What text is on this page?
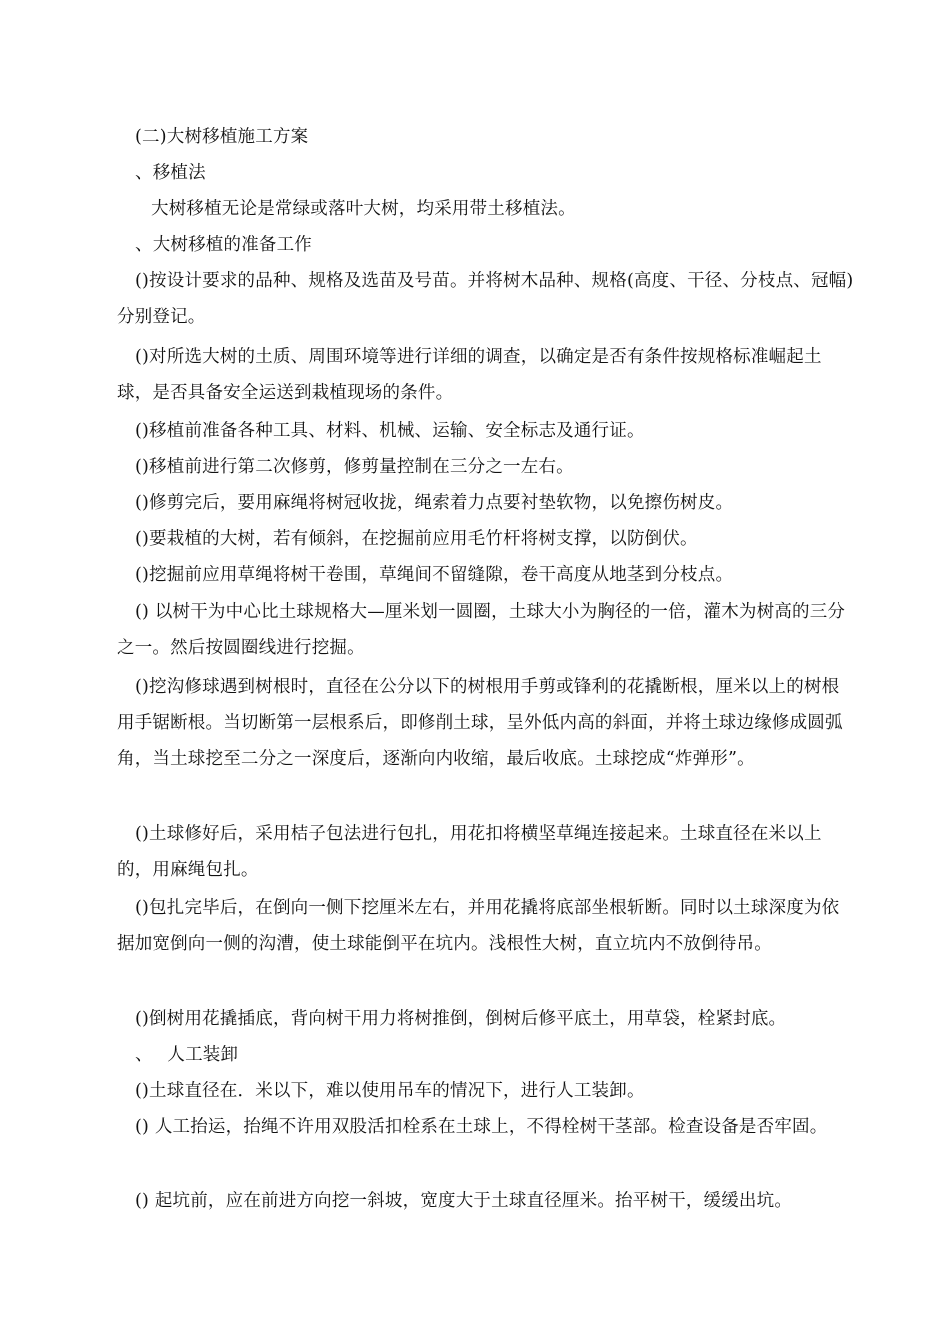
(二)大树移植施工方案

、移植法

大树移植无论是常绿或落叶大树，均采用带土移植法。

、大树移植的准备工作

()按设计要求的品种、规格及选苗及号苗。并将树木品种、规格(高度、干径、分枝点、冠幅)分别登记。

()对所选大树的土质、周围环境等进行详细的调查，以确定是否有条件按规格标准崛起土球，是否具备安全运送到栽植现场的条件。

()移植前准备各种工具、材料、机械、运输、安全标志及通行证。

()移植前进行第二次修剪，修剪量控制在三分之一左右。

()修剪完后，要用麻绳将树冠收拢，绳索着力点要衬垫软物，以免擦伤树皮。

()要栽植的大树，若有倾斜，在挖掘前应用毛竹杆将树支撑，以防倒伏。

()挖掘前应用草绳将树干卷围，草绳间不留缝隙，卷干高度从地茎到分枝点。

() 以树干为中心比土球规格大—厘米划一圆圈，土球大小为胸径的一倍，灌木为树高的三分之一。然后按圆圈线进行挖掘。

()挖沟修球遇到树根时，直径在公分以下的树根用手剪或锋利的花撬断根，厘米以上的树根用手锯断根。当切断第一层根系后，即修削土球，呈外低内高的斜面，并将土球边缘修成圆弧角，当土球挖至二分之一深度后，逐渐向内收缩，最后收底。土球挖成“炸弹形”。

()土球修好后，采用桔子包法进行包扎，用花扣将横坚草绳连接起来。土球直径在米以上的，用麻绳包扎。

()包扎完毕后，在倒向一侧下挖厘米左右，并用花撬将底部坐根斩断。同时以土球深度为依据加宽倒向一侧的沟漕，使土球能倒平在坑内。浅根性大树，直立坑内不放倒待吊。

()倒树用花撬插底，背向树干用力将树推倒，倒树后修平底土，用草袋，栓紧封底。

、　 人工装卸

()土球直径在．米以下，难以使用吊车的情况下，进行人工装卸。

() 人工抬运，抬绳不许用双股活扣栓系在土球上，不得栓树干茎部。检查设备是否牢固。

() 起坑前，应在前进方向挖一斜坡，宽度大于土球直径厘米。抬平树干，缓缓出坑。
